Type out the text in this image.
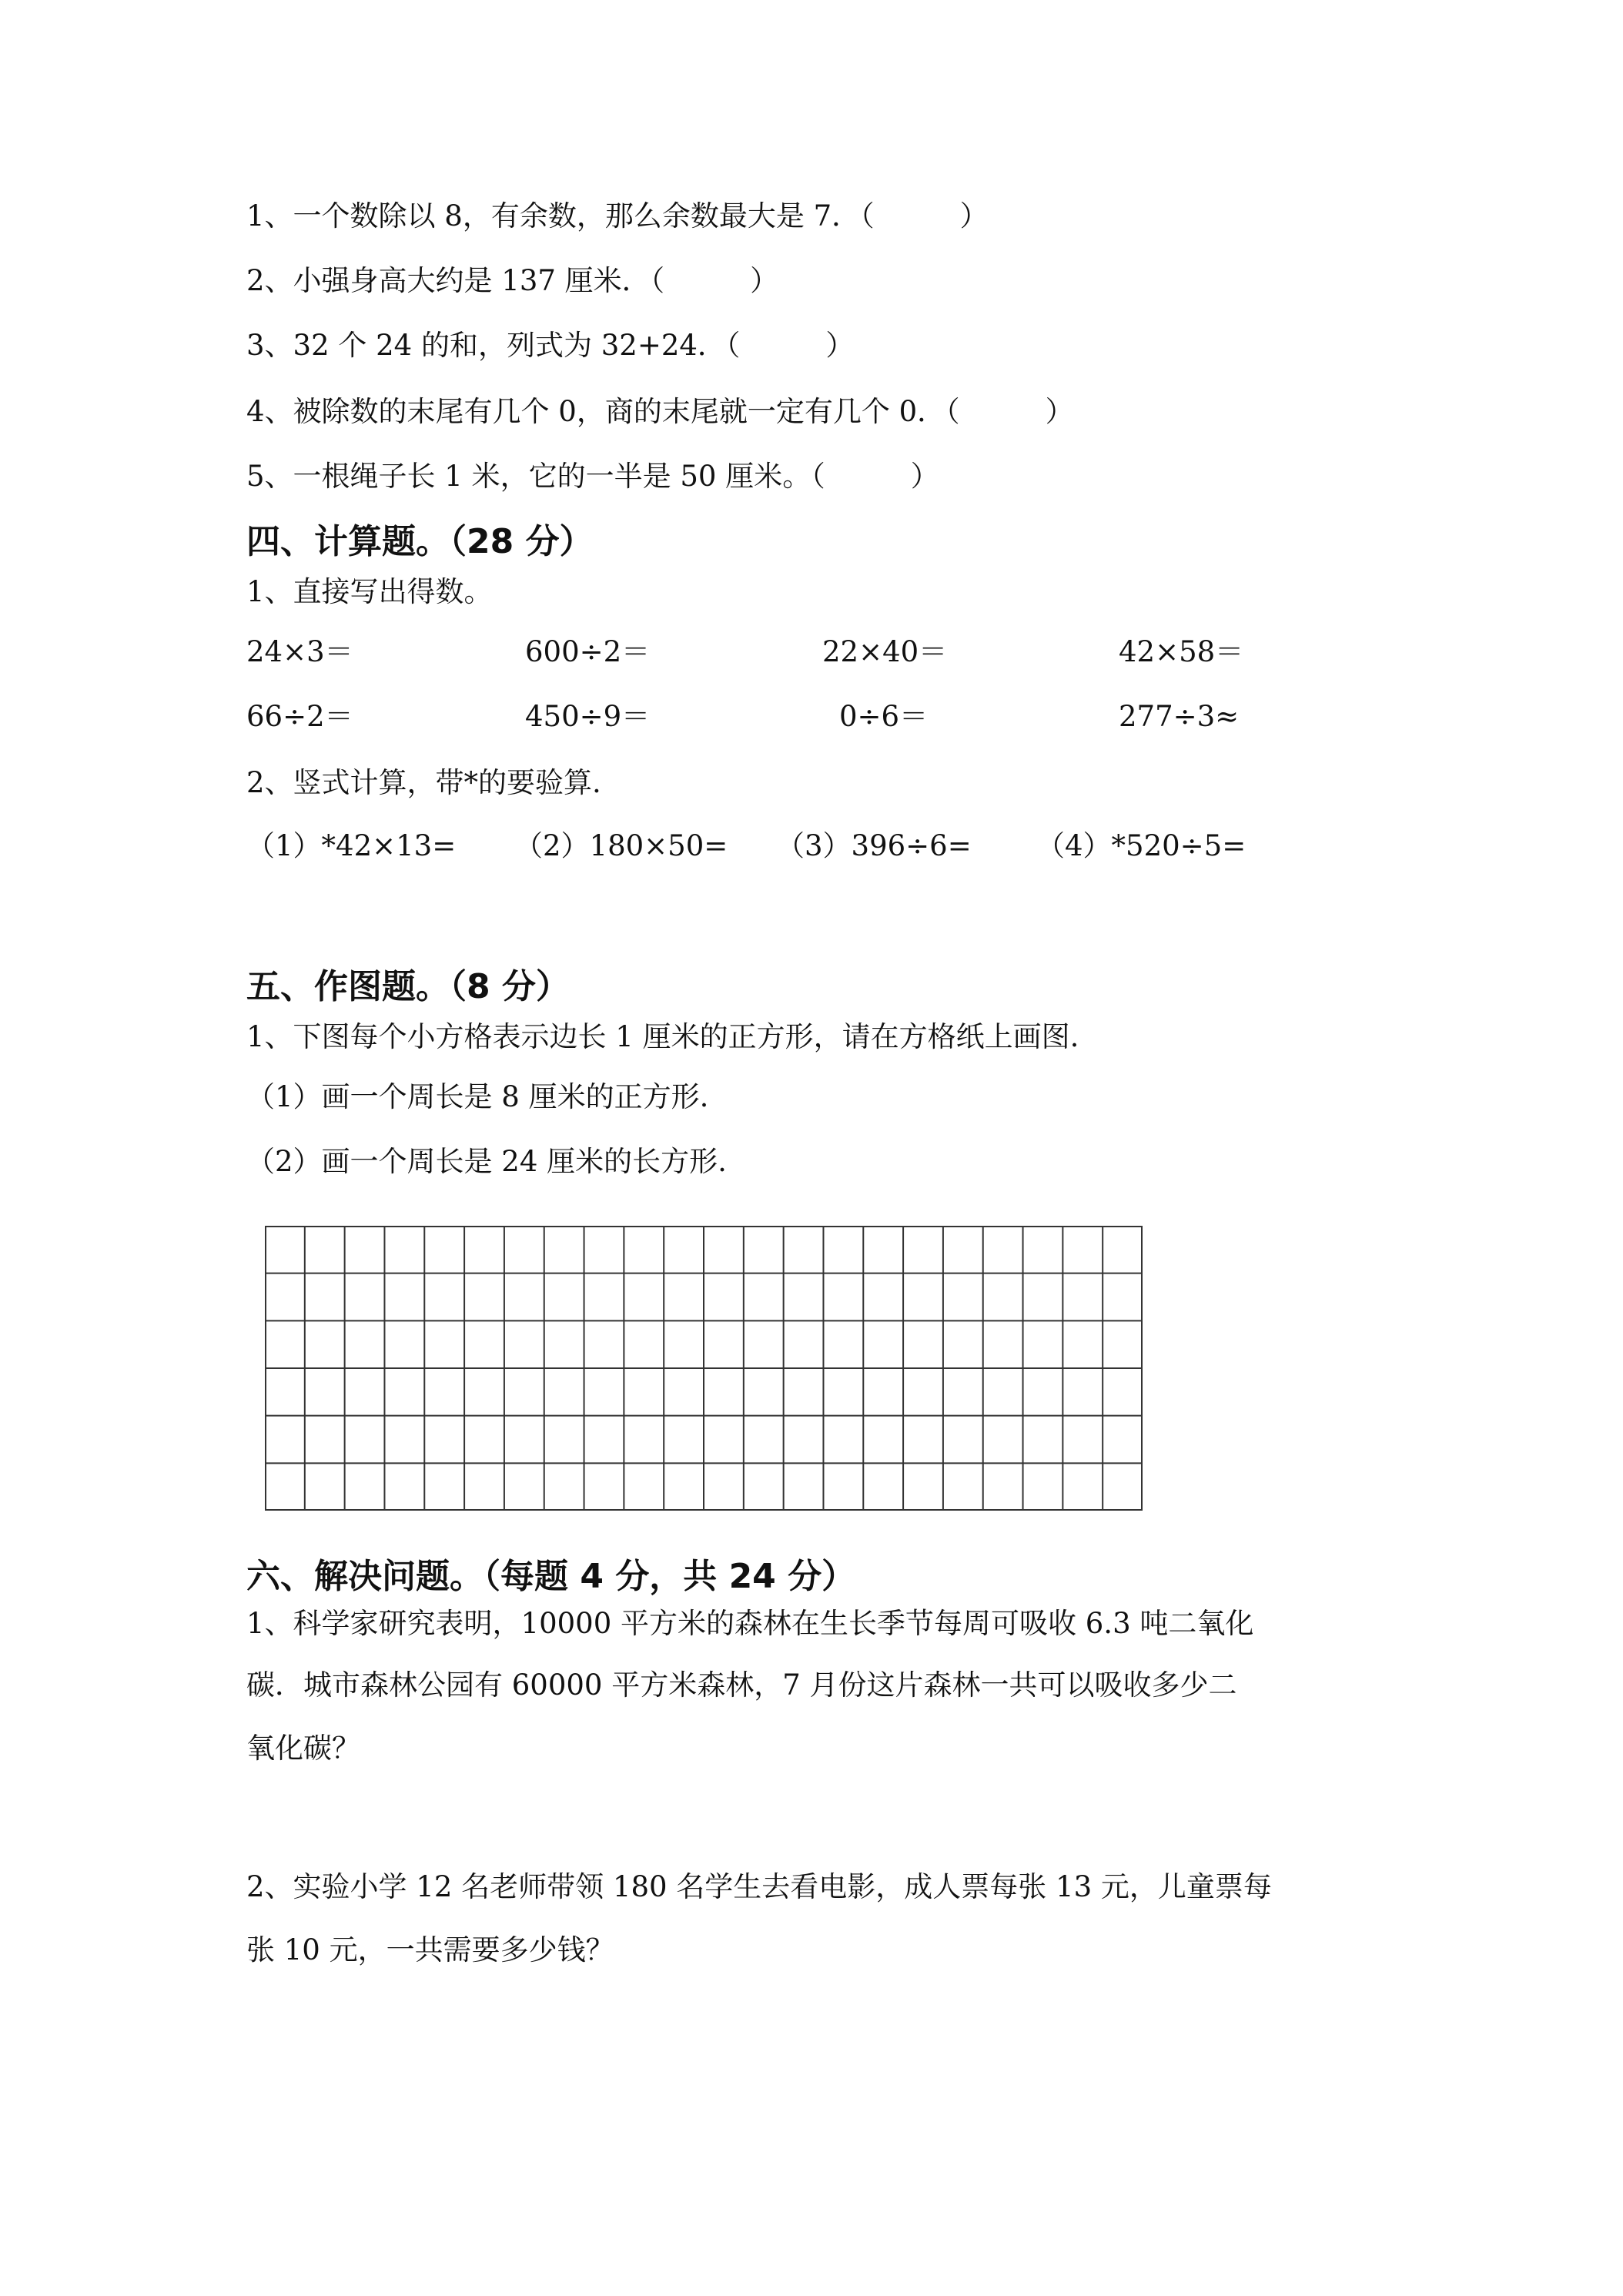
1、一个数除以 8，有余数，那么余数最大是 7．（　　　）
2、小强身高大约是 137 厘米．（　　　）
3、32 个 24 的和，列式为 32+24．（　　　）
4、被除数的末尾有几个 0，商的末尾就一定有几个 0．（　　　）
5、一根绳子长 1 米，它的一半是 50 厘米。（　　　）
四、计算题。（28 分）
1、直接写出得数。
24×3＝	600÷2＝	22×40＝	42×58＝
66÷2＝	450÷9＝	0÷6＝	277÷3≈
2、竖式计算，带*的要验算.
（1）*42×13= （2）180×50= （3）396÷6= （4）*520÷5=
五、作图题。（8 分）
1、下图每个小方格表示边长 1 厘米的正方形，请在方格纸上画图.
（1）画一个周长是 8 厘米的正方形.
（2）画一个周长是 24 厘米的长方形.
六、解决问题。（每题 4 分，共 24 分）
1、科学家研究表明，10000 平方米的森林在生长季节每周可吸收 6.3 吨二氧化
碳．城市森林公园有 60000 平方米森林，7 月份这片森林一共可以吸收多少二
氧化碳？
2、实验小学 12 名老师带领 180 名学生去看电影，成人票每张 13 元，儿童票每
张 10 元，一共需要多少钱？
